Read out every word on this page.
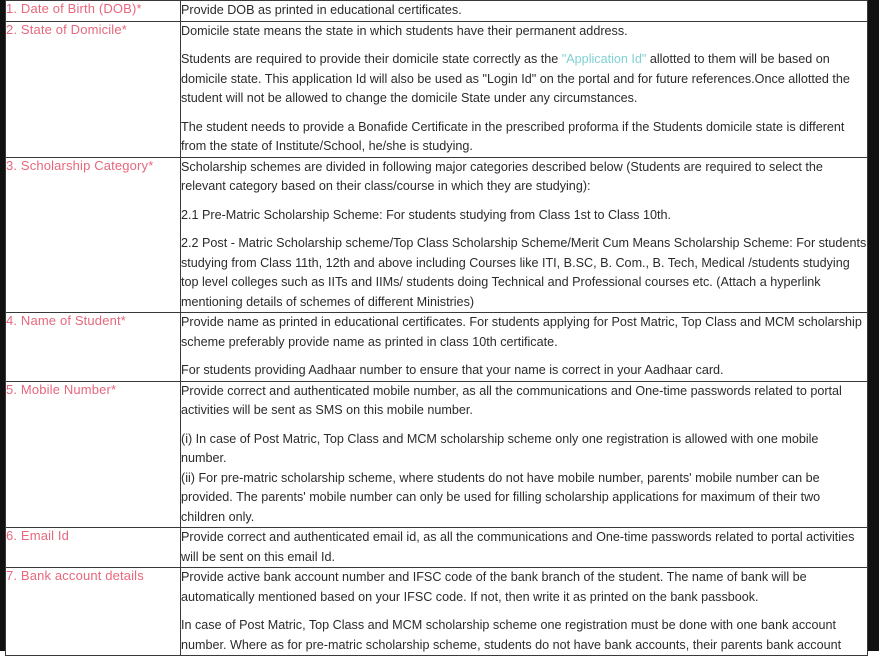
1. Date of Birth (DOB)*	Provide DOB as printed in educational certificates.

2. State of Domicile*	Domicile state means the state in which students have their permanent address.

Students are required to provide their domicile state correctly as the "Application Id" allotted to them will be based on domicile state. This application Id will also be used as "Login Id" on the portal and for future references.Once allotted the student will not be allowed to change the domicile State under any circumstances.

The student needs to provide a Bonafide Certificate in the prescribed proforma if the Students domicile state is different from the state of Institute/School, he/she is studying.

3. Scholarship Category*	Scholarship schemes are divided in following major categories described below (Students are required to select the relevant category based on their class/course in which they are studying):

2.1 Pre-Matric Scholarship Scheme: For students studying from Class 1st to Class 10th.

2.2 Post - Matric Scholarship scheme/Top Class Scholarship Scheme/Merit Cum Means Scholarship Scheme: For students studying from Class 11th, 12th and above including Courses like ITI, B.SC, B. Com., B. Tech, Medical /students studying top level colleges such as IITs and IIMs/ students doing Technical and Professional courses etc. (Attach a hyperlink mentioning details of schemes of different Ministries)

4. Name of Student*	Provide name as printed in educational certificates. For students applying for Post Matric, Top Class and MCM scholarship scheme preferably provide name as printed in class 10th certificate.

For students providing Aadhaar number to ensure that your name is correct in your Aadhaar card.

5. Mobile Number*	Provide correct and authenticated mobile number, as all the communications and One-time passwords related to portal activities will be sent as SMS on this mobile number.

(i) In case of Post Matric, Top Class and MCM scholarship scheme only one registration is allowed with one mobile number.

(ii) For pre-matric scholarship scheme, where students do not have mobile number, parents' mobile number can be provided. The parents' mobile number can only be used for filling scholarship applications for maximum of their two children only.

6. Email Id	Provide correct and authenticated email id, as all the communications and One-time passwords related to portal activities will be sent on this email Id.

7. Bank account details	Provide active bank account number and IFSC code of the bank branch of the student. The name of bank will be automatically mentioned based on your IFSC code. If not, then write it as printed on the bank passbook.

In case of Post Matric, Top Class and MCM scholarship scheme one registration must be done with one bank account number. Where as for pre-matric scholarship scheme, students do not have bank accounts, their parents bank account
